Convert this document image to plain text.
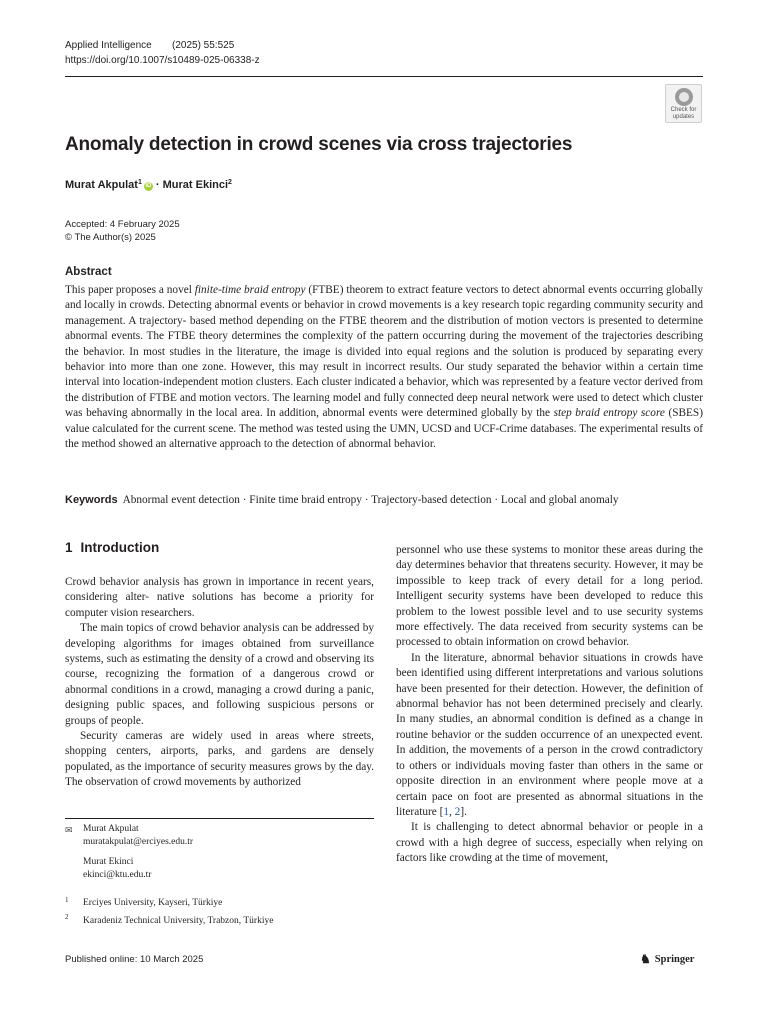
Applied Intelligence (2025) 55:525
https://doi.org/10.1007/s10489-025-06338-z
Check for
updates
Anomaly detection in crowd scenes via cross trajectories
Murat Akpulat$^1$ iD · Murat Ekinci$^2$
Accepted: 4 February 2025
© The Author(s) 2025
Abstract
This paper proposes a novel finite-time braid entropy (FTBE) theorem to extract feature vectors to detect abnormal events occurring globally and locally in crowds. Detecting abnormal events or behavior in crowd movements is a key research topic regarding community security and management. A trajectory- based method depending on the FTBE theorem and the distribution of motion vectors is presented to determine abnormal events. The FTBE theory determines the complexity of the pattern occurring during the movement of the trajectories describing the behavior. In most studies in the literature, the image is divided into equal regions and the solution is produced by separating every behavior into more than one zone. However, this may result in incorrect results. Our study separated the behavior within a certain time interval into location-independent motion clusters. Each cluster indicated a behavior, which was represented by a feature vector derived from the distribution of FTBE and motion vectors. The learning model and fully connected deep neural network were used to detect which cluster was behaving abnormally in the local area. In addition, abnormal events were determined globally by the step braid entropy score (SBES) value calculated for the current scene. The method was tested using the UMN, UCSD and UCF-Crime databases. The experimental results of the method showed an alternative approach to the detection of abnormal behavior.
Keywords Abnormal event detection · Finite time braid entropy · Trajectory-based detection · Local and global anomaly
1 Introduction

Crowd behavior analysis has grown in importance in recent years, considering alter- native solutions has become a priority for computer vision researchers.

The main topics of crowd behavior analysis can be addressed by developing algorithms for images obtained from surveillance systems, such as estimating the density of a crowd and observing its course, recognizing the formation of a dangerous crowd or abnormal conditions in a crowd, managing a crowd during a panic, designing public spaces, and following suspicious persons or groups of people.

Security cameras are widely used in areas where streets, shopping centers, airports, parks, and gardens are densely populated, as the importance of security measures grows by the day. The observation of crowd movements by authorized

personnel who use these systems to monitor these areas during the day determines behavior that threatens security. However, it may be impossible to keep track of every detail for a long period. Intelligent security systems have been developed to reduce this problem to the lowest possible level and to use security systems more effectively. The data received from security systems can be processed to obtain information on crowd behavior.

In the literature, abnormal behavior situations in crowds have been identified using different interpretations and various solutions have been presented for their detection. However, the definition of abnormal behavior has not been determined precisely and clearly. In many studies, an abnormal condition is defined as a change in routine behavior or the sudden occurrence of an unexpected event. In addition, the movements of a person in the crowd contradictory to others or individuals moving faster than others in the same or opposite direction in an environment where people move at a certain pace on foot are presented as abnormal situations in the literature [1, 2].

It is challenging to detect abnormal behavior or people in a crowd with a high degree of success, especially when relying on factors like crowding at the time of movement,

✉ Murat Akpulat
muratakpulat@erciyes.edu.tr
Murat Ekinci
ekinci@ktu.edu.tr
1 Erciyes University, Kayseri, Türkiye
2 Karadeniz Technical University, Trabzon, Türkiye
Published online: 10 March 2025	♞ Springer
